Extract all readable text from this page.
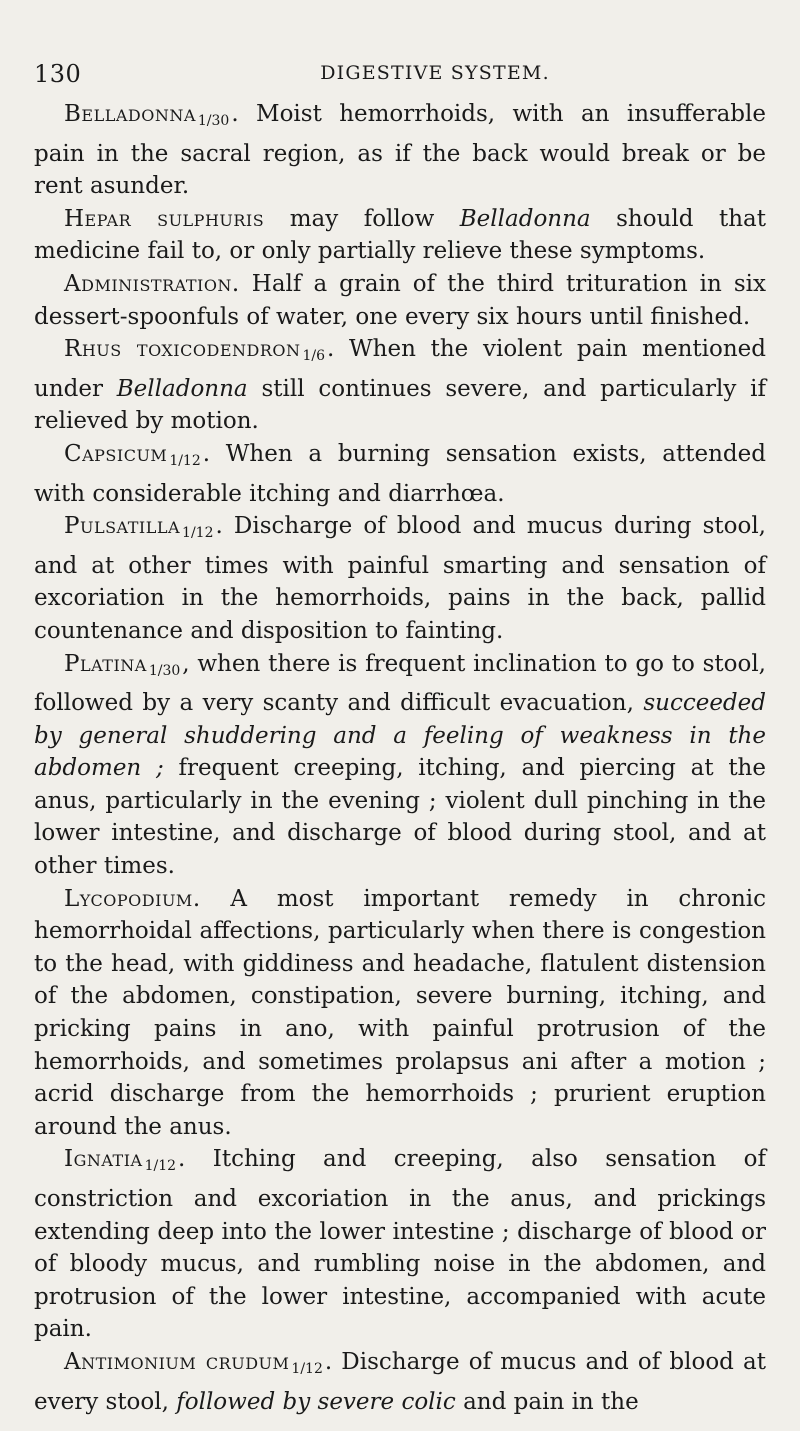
130	DIGESTIVE SYSTEM.

Belladonna 1/30. Moist hemorrhoids, with an insufferable pain in the sacral region, as if the back would break or be rent asunder.

Hepar sulphuris may follow Belladonna should that medicine fail to, or only partially relieve these symptoms.

Administration. Half a grain of the third trituration in six dessert-spoonfuls of water, one every six hours until finished.

Rhus toxicodendron 1/6. When the violent pain mentioned under Belladonna still continues severe, and particularly if relieved by motion.

Capsicum 1/12. When a burning sensation exists, attended with considerable itching and diarrhœa.

Pulsatilla 1/12. Discharge of blood and mucus during stool, and at other times with painful smarting and sensation of excoriation in the hemorrhoids, pains in the back, pallid countenance and disposition to fainting.

Platina 1/30, when there is frequent inclination to go to stool, followed by a very scanty and difficult evacuation, succeeded by general shuddering and a feeling of weakness in the abdomen ; frequent creeping, itching, and piercing at the anus, particularly in the evening ; violent dull pinching in the lower intestine, and discharge of blood during stool, and at other times.

Lycopodium. A most important remedy in chronic hemorrhoidal affections, particularly when there is congestion to the head, with giddiness and headache, flatulent distension of the abdomen, constipation, severe burning, itching, and pricking pains in ano, with painful protrusion of the hemorrhoids, and sometimes prolapsus ani after a motion ; acrid discharge from the hemorrhoids ; prurient eruption around the anus.

Ignatia 1/12. Itching and creeping, also sensation of constriction and excoriation in the anus, and prickings extending deep into the lower intestine ; discharge of blood or of bloody mucus, and rumbling noise in the abdomen, and protrusion of the lower intestine, accompanied with acute pain.

Antimonium crudum 1/12. Discharge of mucus and of blood at every stool, followed by severe colic and pain in the
